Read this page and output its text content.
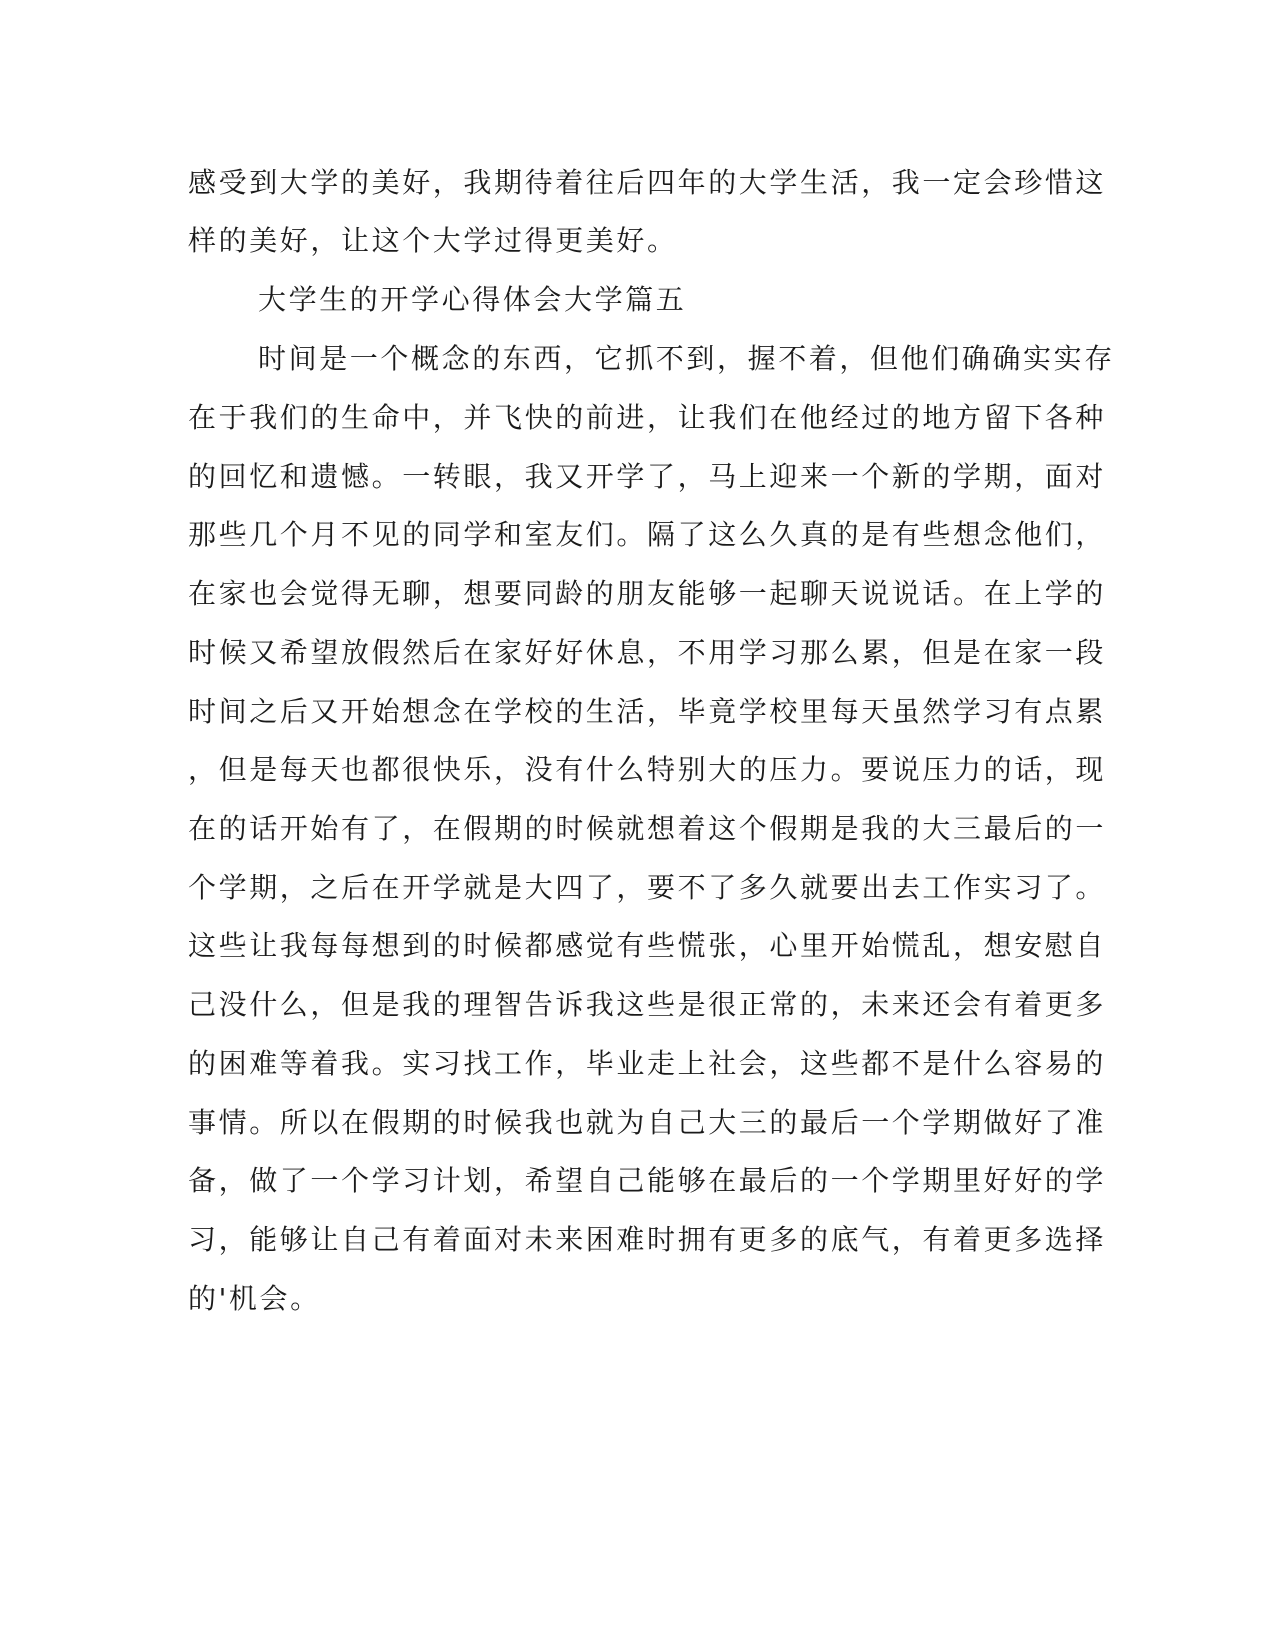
感受到大学的美好，我期待着往后四年的大学生活，我一定会珍惜这
样的美好，让这个大学过得更美好。
大学生的开学心得体会大学篇五
时间是一个概念的东西，它抓不到，握不着，但他们确确实实存
在于我们的生命中，并飞快的前进，让我们在他经过的地方留下各种
的回忆和遗憾。一转眼，我又开学了，马上迎来一个新的学期，面对
那些几个月不见的同学和室友们。隔了这么久真的是有些想念他们，
在家也会觉得无聊，想要同龄的朋友能够一起聊天说说话。在上学的
时候又希望放假然后在家好好休息，不用学习那么累，但是在家一段
时间之后又开始想念在学校的生活，毕竟学校里每天虽然学习有点累
，但是每天也都很快乐，没有什么特别大的压力。要说压力的话，现
在的话开始有了，在假期的时候就想着这个假期是我的大三最后的一
个学期，之后在开学就是大四了，要不了多久就要出去工作实习了。
这些让我每每想到的时候都感觉有些慌张，心里开始慌乱，想安慰自
己没什么，但是我的理智告诉我这些是很正常的，未来还会有着更多
的困难等着我。实习找工作，毕业走上社会，这些都不是什么容易的
事情。所以在假期的时候我也就为自己大三的最后一个学期做好了准
备，做了一个学习计划，希望自己能够在最后的一个学期里好好的学
习，能够让自己有着面对未来困难时拥有更多的底气，有着更多选择
的'机会。
